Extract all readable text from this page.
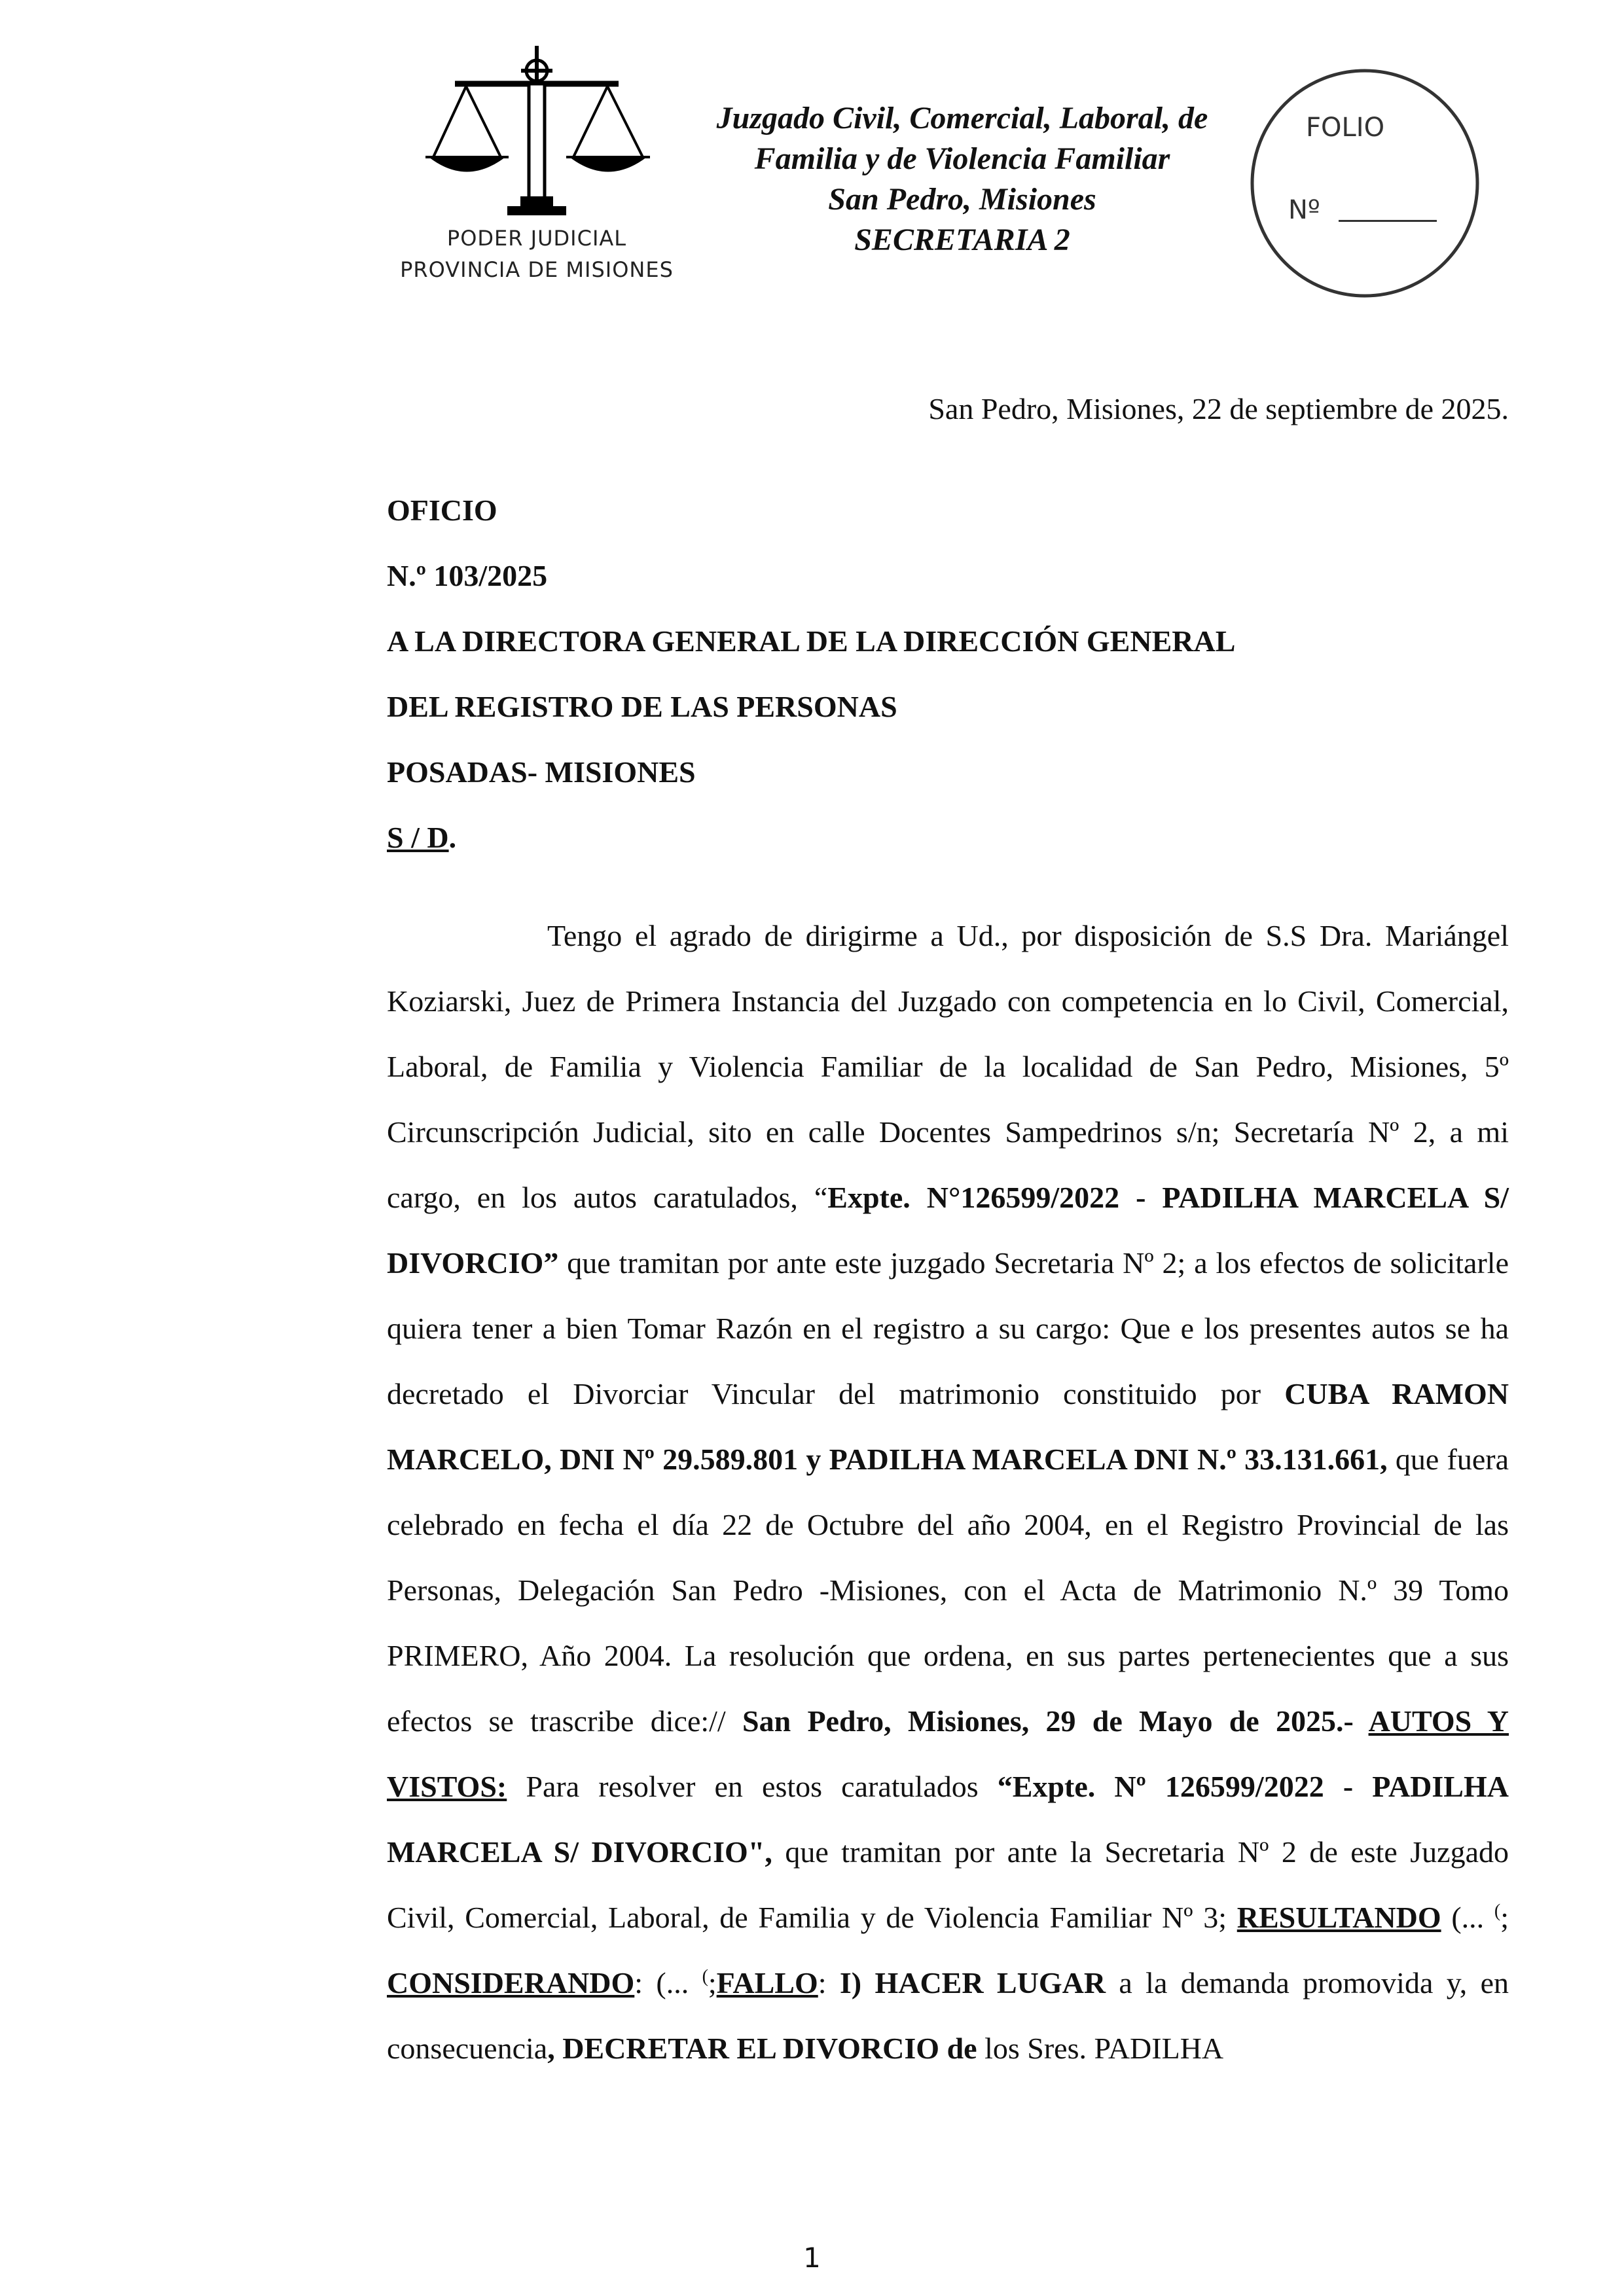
PODER JUDICIAL
PROVINCIA DE MISIONES
Juzgado Civil, Comercial, Laboral, de
Familia y de Violencia Familiar
San Pedro, Misiones
SECRETARIA 2
FOLIO
Nº
San Pedro, Misiones, 22 de septiembre de 2025.
OFICIO
N.º 103/2025
A LA DIRECTORA GENERAL DE LA DIRECCIÓN GENERAL
DEL REGISTRO DE LAS PERSONAS
POSADAS- MISIONES
S / D.
Tengo el agrado de dirigirme a Ud., por disposición de S.S Dra. Mariángel Koziarski, Juez de Primera Instancia del Juzgado con competencia en lo Civil, Comercial, Laboral, de Familia y Violencia Familiar de la localidad de San Pedro, Misiones, 5º Circunscripción Judicial, sito en calle Docentes Sampedrinos s/n; Secretaría Nº 2, a mi cargo, en los autos caratulados, “Expte. N°126599/2022 - PADILHA MARCELA S/ DIVORCIO” que tramitan por ante este juzgado Secretaria Nº 2; a los efectos de solicitarle quiera tener a bien Tomar Razón en el registro a su cargo: Que e los presentes autos se ha decretado el Divorciar Vincular del matrimonio constituido por CUBA RAMON MARCELO, DNI Nº 29.589.801 y PADILHA MARCELA DNI N.º 33.131.661, que fuera celebrado en fecha el día 22 de Octubre del año 2004, en el Registro Provincial de las Personas, Delegación San Pedro -Misiones, con el Acta de Matrimonio N.º 39 Tomo PRIMERO, Año 2004. La resolución que ordena, en sus partes pertenecientes que a sus efectos se trascribe dice:// San Pedro, Misiones, 29 de Mayo de 2025.- AUTOS Y VISTOS: Para resolver en estos caratulados “Expte. Nº 126599/2022 - PADILHA MARCELA S/ DIVORCIO", que tramitan por ante la Secretaria Nº 2 de este Juzgado Civil, Comercial, Laboral, de Familia y de Violencia Familiar Nº 3; RESULTANDO (... (; CONSIDERANDO: (... (;FALLO: I) HACER LUGAR a la demanda promovida y, en consecuencia, DECRETAR EL DIVORCIO de los Sres. PADILHA
1
